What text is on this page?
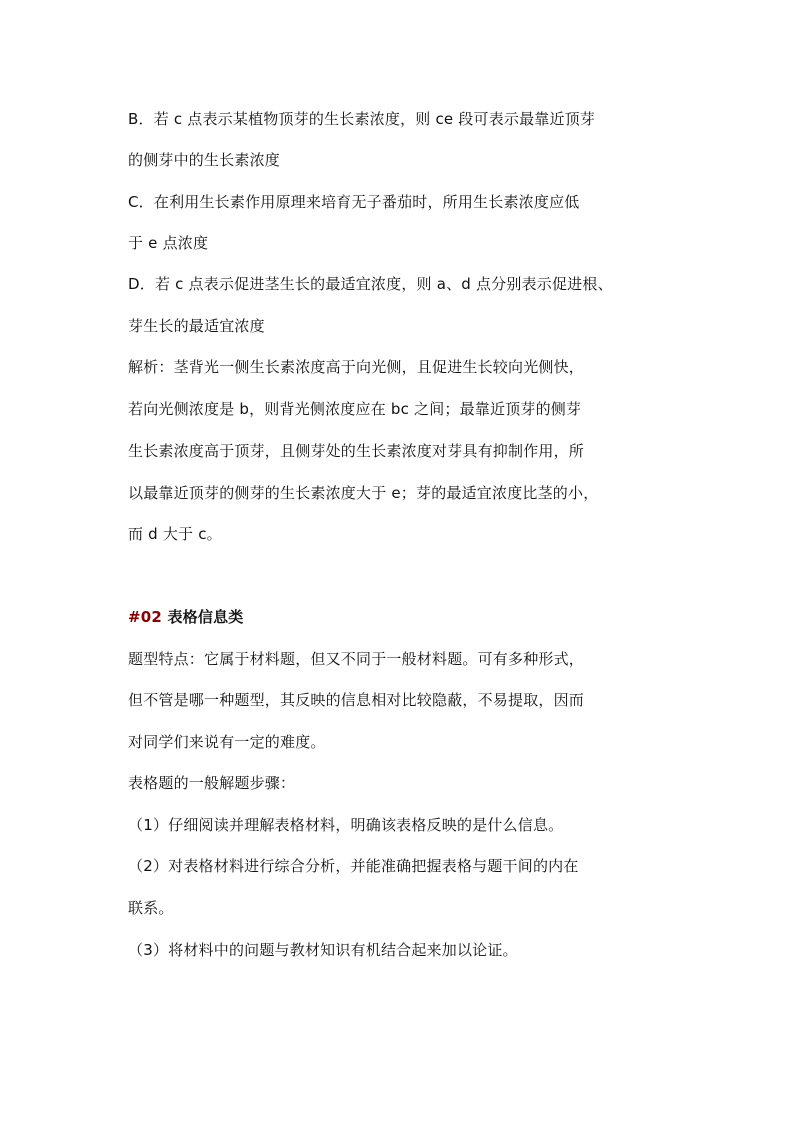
B．若 c 点表示某植物顶芽的生长素浓度，则 ce 段可表示最靠近顶芽
的侧芽中的生长素浓度
C．在利用生长素作用原理来培育无子番茄时，所用生长素浓度应低
于 e 点浓度
D．若 c 点表示促进茎生长的最适宜浓度，则 a、d 点分别表示促进根、
芽生长的最适宜浓度
解析：茎背光一侧生长素浓度高于向光侧，且促进生长较向光侧快，
若向光侧浓度是 b，则背光侧浓度应在 bc 之间；最靠近顶芽的侧芽
生长素浓度高于顶芽，且侧芽处的生长素浓度对芽具有抑制作用，所
以最靠近顶芽的侧芽的生长素浓度大于 e；芽的最适宜浓度比茎的小，
而 d 大于 c。
#02 表格信息类
题型特点：它属于材料题，但又不同于一般材料题。可有多种形式，
但不管是哪一种题型，其反映的信息相对比较隐蔽，不易提取，因而
对同学们来说有一定的难度。
表格题的一般解题步骤：
（1）仔细阅读并理解表格材料，明确该表格反映的是什么信息。
（2）对表格材料进行综合分析，并能准确把握表格与题干间的内在
联系。
（3）将材料中的问题与教材知识有机结合起来加以论证。
